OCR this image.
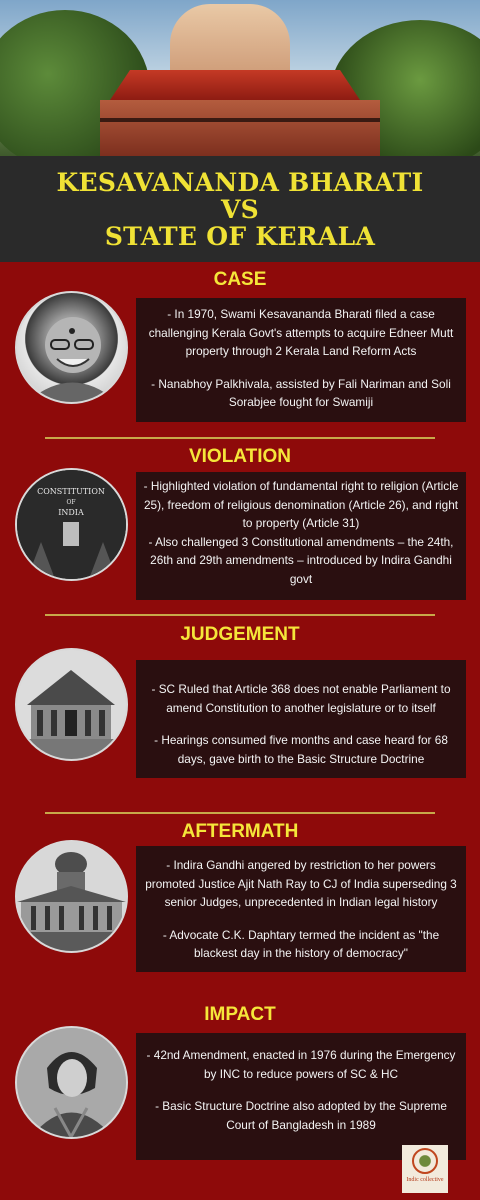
KESAVANANDA BHARATI
VS
STATE OF KERALA
CASE

- In 1970, Swami Kesavananda Bharati filed a case challenging Kerala Govt's attempts to acquire Edneer Mutt property through 2 Kerala Land Reform Acts

- Nanabhoy Palkhivala, assisted by Fali Nariman and Soli Sorabjee fought for Swamiji

VIOLATION
CONSTITUTION
OF
INDIA

- Highlighted violation of fundamental right to religion (Article 25), freedom of religious denomination (Article 26), and right to property (Article 31)

- Also challenged 3 Constitutional amendments – the 24th, 26th and 29th amendments – introduced by Indira Gandhi govt

JUDGEMENT

- SC Ruled that Article 368 does not enable Parliament to amend Constitution to another legislature or to itself

- Hearings consumed five months and case heard for 68 days, gave birth to the Basic Structure Doctrine

AFTERMATH

- Indira Gandhi angered by restriction to her powers promoted Justice Ajit Nath Ray to CJ of India superseding 3 senior Judges, unprecedented in Indian legal history

- Advocate C.K. Daphtary termed the incident as "the blackest day in the history of democracy"

IMPACT

- 42nd Amendment, enacted in 1976 during the Emergency by INC to reduce powers of SC & HC

- Basic Structure Doctrine also adopted by the Supreme Court of Bangladesh in 1989

Indic collective
